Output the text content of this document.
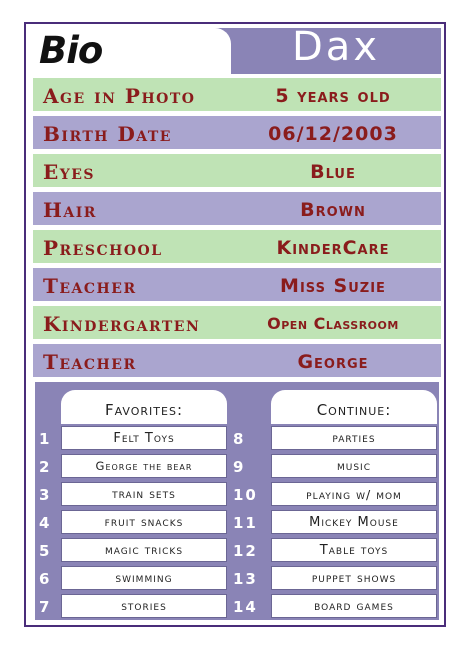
Bio	Dax
Age in Photo	5 years old
Birth Date	06/12/2003
Eyes	Blue
Hair	Brown
Preschool	KinderCare
Teacher	Miss Suzie
Kindergarten	Open Classroom
Teacher	George
Favorites:	Continue:
1	Felt Toys
2	George the bear
3	train sets
4	fruit snacks
5	magic tricks
6	swimming
7	stories
8	parties
9	music
10	playing w/ mom
11	Mickey Mouse
12	Table toys
13	puppet shows
14	board games
